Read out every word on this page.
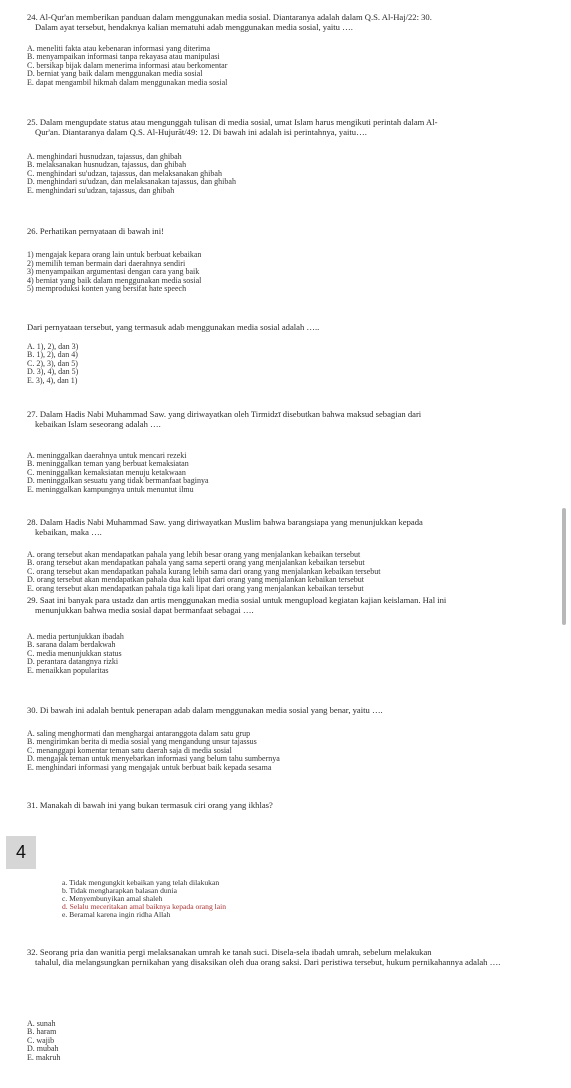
24. Al-Qur'an memberikan panduan dalam menggunakan media sosial. Diantaranya adalah dalam Q.S. Al-Haj/22: 30.
Dalam ayat tersebut, hendaknya kalian mematuhi adab menggunakan media sosial, yaitu ….
A. meneliti fakta atau kebenaran informasi yang diterima
B. menyampaikan informasi tanpa rekayasa atau manipulasi
C. bersikap bijak dalam menerima informasi atau berkomentar
D. berniat yang baik dalam menggunakan media sosial
E. dapat mengambil hikmah dalam menggunakan media sosial
25. Dalam mengupdate status atau mengunggah tulisan di media sosial, umat Islam harus mengikuti perintah dalam Al-
Qur'an. Diantaranya dalam Q.S. Al-Hujurāt/49: 12. Di bawah ini adalah isi perintahnya, yaitu….
A. menghindari husnudzan, tajassus, dan ghibah
B. melaksanakan husnudzan, tajassus, dan ghibah
C. menghindari su'udzan, tajassus, dan melaksanakan ghibah
D. menghindari su'udzan, dan melaksanakan tajassus, dan ghibah
E. menghindari su'udzan, tajassus, dan ghibah
26. Perhatikan pernyataan di bawah ini!
1) mengajak kepara orang lain untuk berbuat kebaikan
2) memilih teman bermain dari daerahnya sendiri
3) menyampaikan argumentasi dengan cara yang baik
4) berniat yang baik dalam menggunakan media sosial
5) memproduksi konten yang bersifat hate speech
Dari pernyataan tersebut, yang termasuk adab menggunakan media sosial adalah …..
A. 1), 2), dan 3)
B. 1), 2), dan 4)
C. 2), 3), dan 5)
D. 3), 4), dan 5)
E. 3), 4), dan 1)
27. Dalam Hadis Nabi Muhammad Saw. yang diriwayatkan oleh Tirmidzī disebutkan bahwa maksud sebagian dari
kebaikan Islam seseorang adalah ….
A. meninggalkan daerahnya untuk mencari rezeki
B. meninggalkan teman yang berbuat kemaksiatan
C. meninggalkan kemaksiatan menuju ketakwaan
D. meninggalkan sesuatu yang tidak bermanfaat baginya
E. meninggalkan kampungnya untuk menuntut ilmu
28. Dalam Hadis Nabi Muhammad Saw. yang diriwayatkan Muslim bahwa barangsiapa yang menunjukkan kepada
kebaikan, maka ….
A. orang tersebut akan mendapatkan pahala yang lebih besar orang yang menjalankan kebaikan tersebut
B. orang tersebut akan mendapatkan pahala yang sama seperti orang yang menjalankan kebaikan tersebut
C. orang tersebut akan mendapatkan pahala kurang lebih sama dari orang yang menjalankan kebaikan tersebut
D. orang tersebut akan mendapatkan pahala dua kali lipat dari orang yang menjalankan kebaikan tersebut
E. orang tersebut akan mendapatkan pahala tiga kali lipat dari orang yang menjalankan kebaikan tersebut
29. Saat ini banyak para ustadz dan artis menggunakan media sosial untuk mengupload kegiatan kajian keislaman. Hal ini
menunjukkan bahwa media sosial dapat bermanfaat sebagai ….
A. media pertunjukkan ibadah
B. sarana dalam berdakwah
C. media menunjukkan status
D. perantara datangnya rizki
E. menaikkan popularitas
30. Di bawah ini adalah bentuk penerapan adab dalam menggunakan media sosial yang benar, yaitu ….
A. saling menghormati dan menghargai antaranggota dalam satu grup
B. mengirimkan berita di media sosial yang mengandung unsur tajassus
C. menanggapi komentar teman satu daerah saja di media sosial
D. mengajak teman untuk menyebarkan informasi yang belum tahu sumbernya
E. menghindari informasi yang mengajak untuk berbuat baik kepada sesama
31. Manakah di bawah ini yang bukan termasuk ciri orang yang ikhlas?
4
a. Tidak mengungkit kebaikan yang telah dilakukan
b. Tidak mengharapkan balasan dunia
c. Menyembunyikan amal shaleh
d. Selalu meceritakan amal baiknya kepada orang lain
e. Beramal karena ingin ridha Allah
32. Seorang pria dan wanitia pergi melaksanakan umrah ke tanah suci. Disela-sela ibadah umrah, sebelum melakukan
tahalul, dia melangsungkan pernikahan yang disaksikan oleh dua orang saksi. Dari peristiwa tersebut, hukum pernikahannya adalah ….
A. sunah
B. haram
C. wajib
D. mubah
E. makruh
